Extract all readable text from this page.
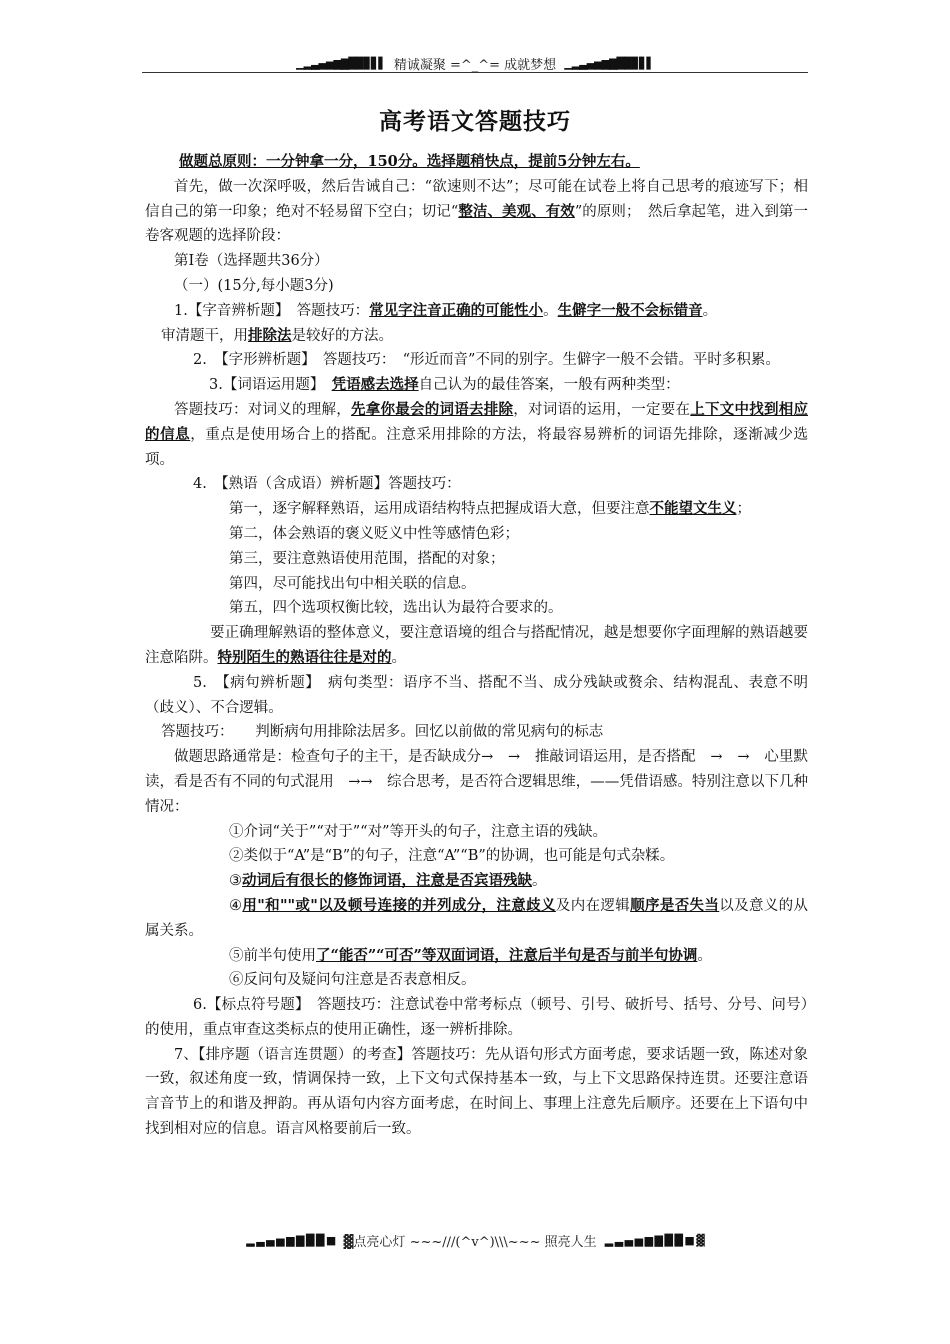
▁▂▃▄▅▆▇█▉▊▋▌ 精诚凝聚 =^_^= 成就梦想 ▁▂▃▄▅▆▇█▉▊▋▌
高考语文答题技巧

做题总原则：一分钟拿一分，150分。选择题稍快点，提前5分钟左右。

首先，做一次深呼吸，然后告诫自己：“欲速则不达”；尽可能在试卷上将自己思考的痕迹写下；相信自己的第一印象；绝对不轻易留下空白；切记“整洁、美观、有效”的原则；　然后拿起笔，进入到第一卷客观题的选择阶段：

第Ⅰ卷（选择题共36分）

（一）(15分,每小题3分)

1.【字音辨析题】　答题技巧：常见字注音正确的可能性小。生僻字一般不会标错音。

审清题干，用排除法是较好的方法。

2.　【字形辨析题】　答题技巧：　“形近而音”不同的别字。生僻字一般不会错。平时多积累。

3.【词语运用题】　凭语感去选择自己认为的最佳答案，一般有两种类型：

答题技巧：对词义的理解，先拿你最会的词语去排除，对词语的运用，一定要在上下文中找到相应的信息，重点是使用场合上的搭配。注意采用排除的方法，将最容易辨析的词语先排除，逐渐减少选项。

4.　【熟语（含成语）辨析题】答题技巧：

第一，逐字解释熟语，运用成语结构特点把握成语大意，但要注意不能望文生义；

第二，体会熟语的褒义贬义中性等感情色彩；

第三，要注意熟语使用范围，搭配的对象；

第四，尽可能找出句中相关联的信息。

第五，四个选项权衡比较，选出认为最符合要求的。

要正确理解熟语的整体意义，要注意语境的组合与搭配情况，越是想要你字面理解的熟语越要注意陷阱。特别陌生的熟语往往是对的。

5.　【病句辨析题】　病句类型：语序不当、搭配不当、成分残缺或赘余、结构混乱、表意不明（歧义）、不合逻辑。

答题技巧：　　判断病句用排除法居多。回忆以前做的常见病句的标志

做题思路通常是：检查句子的主干，是否缺成分→　→　推敲词语运用，是否搭配　→　→　心里默读，看是否有不同的句式混用　→→　综合思考，是否符合逻辑思维，——凭借语感。特别注意以下几种情况：

①介词“关于”“对于”“对”等开头的句子，注意主语的残缺。

②类似于“A”是“B”的句子，注意“A”“B”的协调，也可能是句式杂糅。

③动词后有很长的修饰词语，注意是否宾语残缺。

④用"和""或"以及顿号连接的并列成分，注意歧义及内在逻辑顺序是否失当以及意义的从属关系。

⑤前半句使用了“能否”“可否”等双面词语，注意后半句是否与前半句协调。

⑥反问句及疑问句注意是否表意相反。

6.【标点符号题】　答题技巧：注意试卷中常考标点（顿号、引号、破折号、括号、分号、问号）的使用，重点审查这类标点的使用正确性，逐一辨析排除。

7、【排序题（语言连贯题）的考查】答题技巧：先从语句形式方面考虑，要求话题一致，陈述对象一致，叙述角度一致，情调保持一致，上下文句式保持基本一致，与上下文思路保持连贯。还要注意语言音节上的和谐及押韵。再从语句内容方面考虑，在时间上、事理上注意先后顺序。还要在上下语句中找到相对应的信息。语言风格要前后一致。

▂ ▃ ▄ ▅ ▆ ▇ █ █ ■ ▓点亮心灯 ~~~///(^v^)\\\~~~ 照亮人生 ▂ ▃ ▄ ▅ ▆ ▇ █ █ ■ ▓
